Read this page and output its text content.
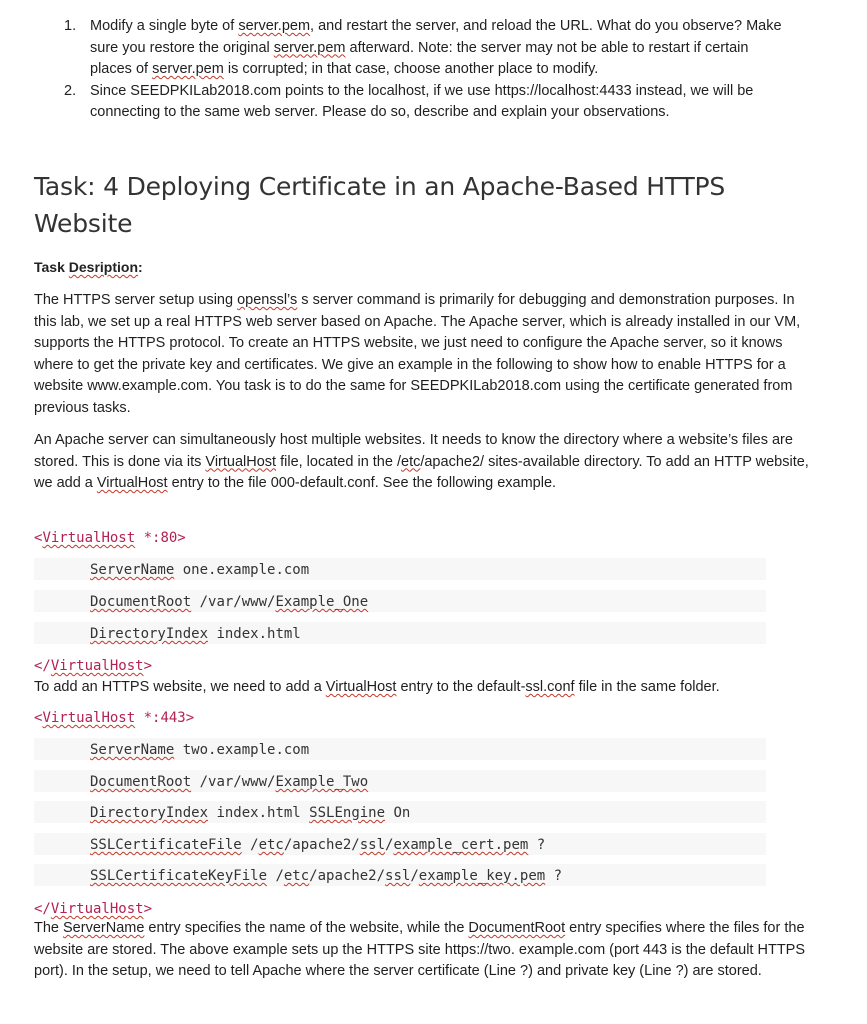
1. Modify a single byte of server.pem, and restart the server, and reload the URL. What do you observe? Make sure you restore the original server.pem afterward. Note: the server may not be able to restart if certain places of server.pem is corrupted; in that case, choose another place to modify.
2. Since SEEDPKILab2018.com points to the localhost, if we use https://localhost:4433 instead, we will be connecting to the same web server. Please do so, describe and explain your observations.
Task: 4 Deploying Certificate in an Apache-Based HTTPS
Website

Task Desription:

The HTTPS server setup using openssl’s s server command is primarily for debugging and demonstration purposes. In this lab, we set up a real HTTPS web server based on Apache. The Apache server, which is already installed in our VM, supports the HTTPS protocol. To create an HTTPS website, we just need to configure the Apache server, so it knows where to get the private key and certificates. We give an example in the following to show how to enable HTTPS for a website www.example.com. You task is to do the same for SEEDPKILab2018.com using the certificate generated from previous tasks.

An Apache server can simultaneously host multiple websites. It needs to know the directory where a website’s files are stored. This is done via its VirtualHost file, located in the /etc/apache2/ sites-available directory. To add an HTTP website, we add a VirtualHost entry to the file 000-default.conf. See the following example.

<VirtualHost *:80>
ServerName one.example.com
DocumentRoot /var/www/Example_One
DirectoryIndex index.html
</VirtualHost>

To add an HTTPS website, we need to add a VirtualHost entry to the default-ssl.conf file in the same folder.

<VirtualHost *:443>
ServerName two.example.com
DocumentRoot /var/www/Example_Two
DirectoryIndex index.html SSLEngine On
SSLCertificateFile /etc/apache2/ssl/example_cert.pem ?
SSLCertificateKeyFile /etc/apache2/ssl/example_key.pem ?
</VirtualHost>

The ServerName entry specifies the name of the website, while the DocumentRoot entry specifies where the files for the website are stored. The above example sets up the HTTPS site https://two. example.com (port 443 is the default HTTPS port). In the setup, we need to tell Apache where the server certificate (Line ?) and private key (Line ?) are stored.
